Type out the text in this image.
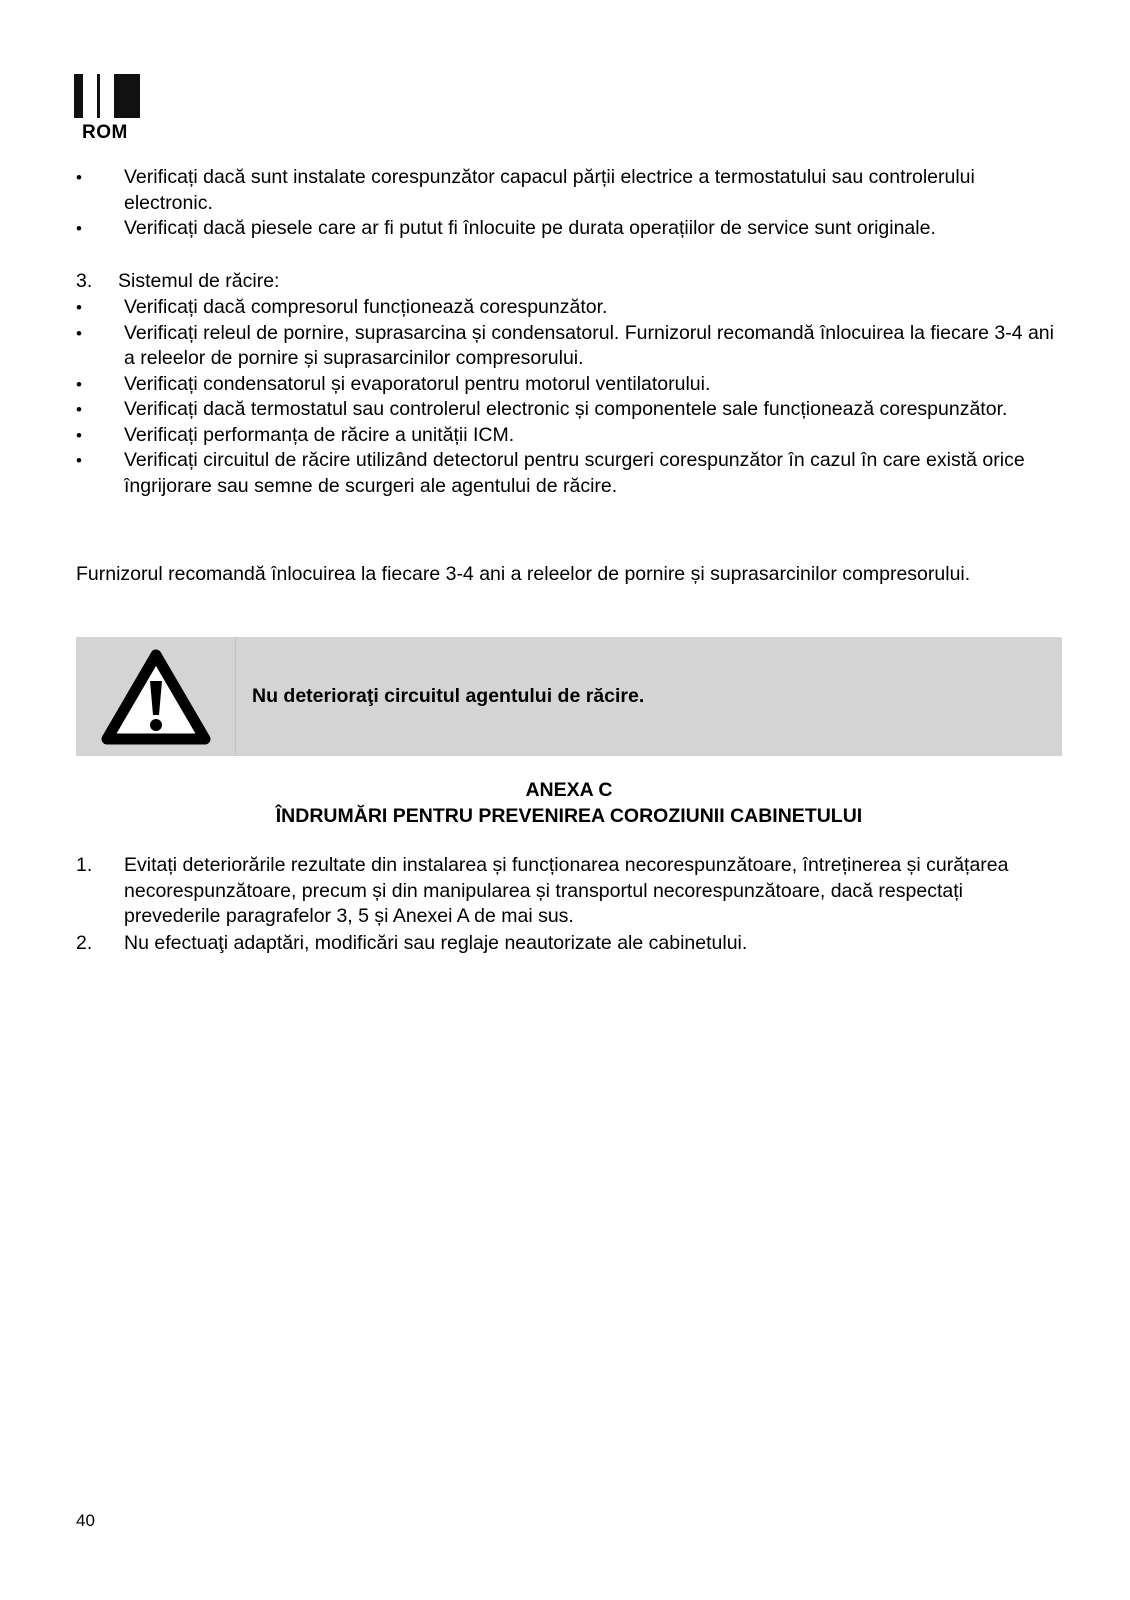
ROM
• Verificați dacă sunt instalate corespunzător capacul părții electrice a termostatului sau controlerului electronic.
• Verificați dacă piesele care ar fi putut fi înlocuite pe durata operațiilor de service sunt originale.
3.	Sistemul de răcire:
• Verificați dacă compresorul funcționează corespunzător.
• Verificați releul de pornire, suprasarcina și condensatorul. Furnizorul recomandă înlocuirea la fiecare 3-4 ani a releelor de pornire și suprasarcinilor compresorului.
• Verificați condensatorul și evaporatorul pentru motorul ventilatorului.
• Verificați dacă termostatul sau controlerul electronic și componentele sale funcționează corespunzător.
• Verificați performanța de răcire a unității ICM.
• Verificați circuitul de răcire utilizând detectorul pentru scurgeri corespunzător în cazul în care există orice îngrijorare sau semne de scurgeri ale agentului de răcire.
Furnizorul recomandă înlocuirea la fiecare 3-4 ani a releelor de pornire și suprasarcinilor compresorului.
Nu deterioraţi circuitul agentului de răcire.
ANEXA C
ÎNDRUMĂRI PENTRU PREVENIREA COROZIUNII CABINETULUI
1.	Evitați deteriorările rezultate din instalarea și funcționarea necorespunzătoare, întreținerea și curățarea necorespunzătoare, precum și din manipularea și transportul necorespunzătoare, dacă respectați prevederile paragrafelor 3, 5 și Anexei A de mai sus.
2.	Nu efectuaţi adaptări, modificări sau reglaje neautorizate ale cabinetului.
40
